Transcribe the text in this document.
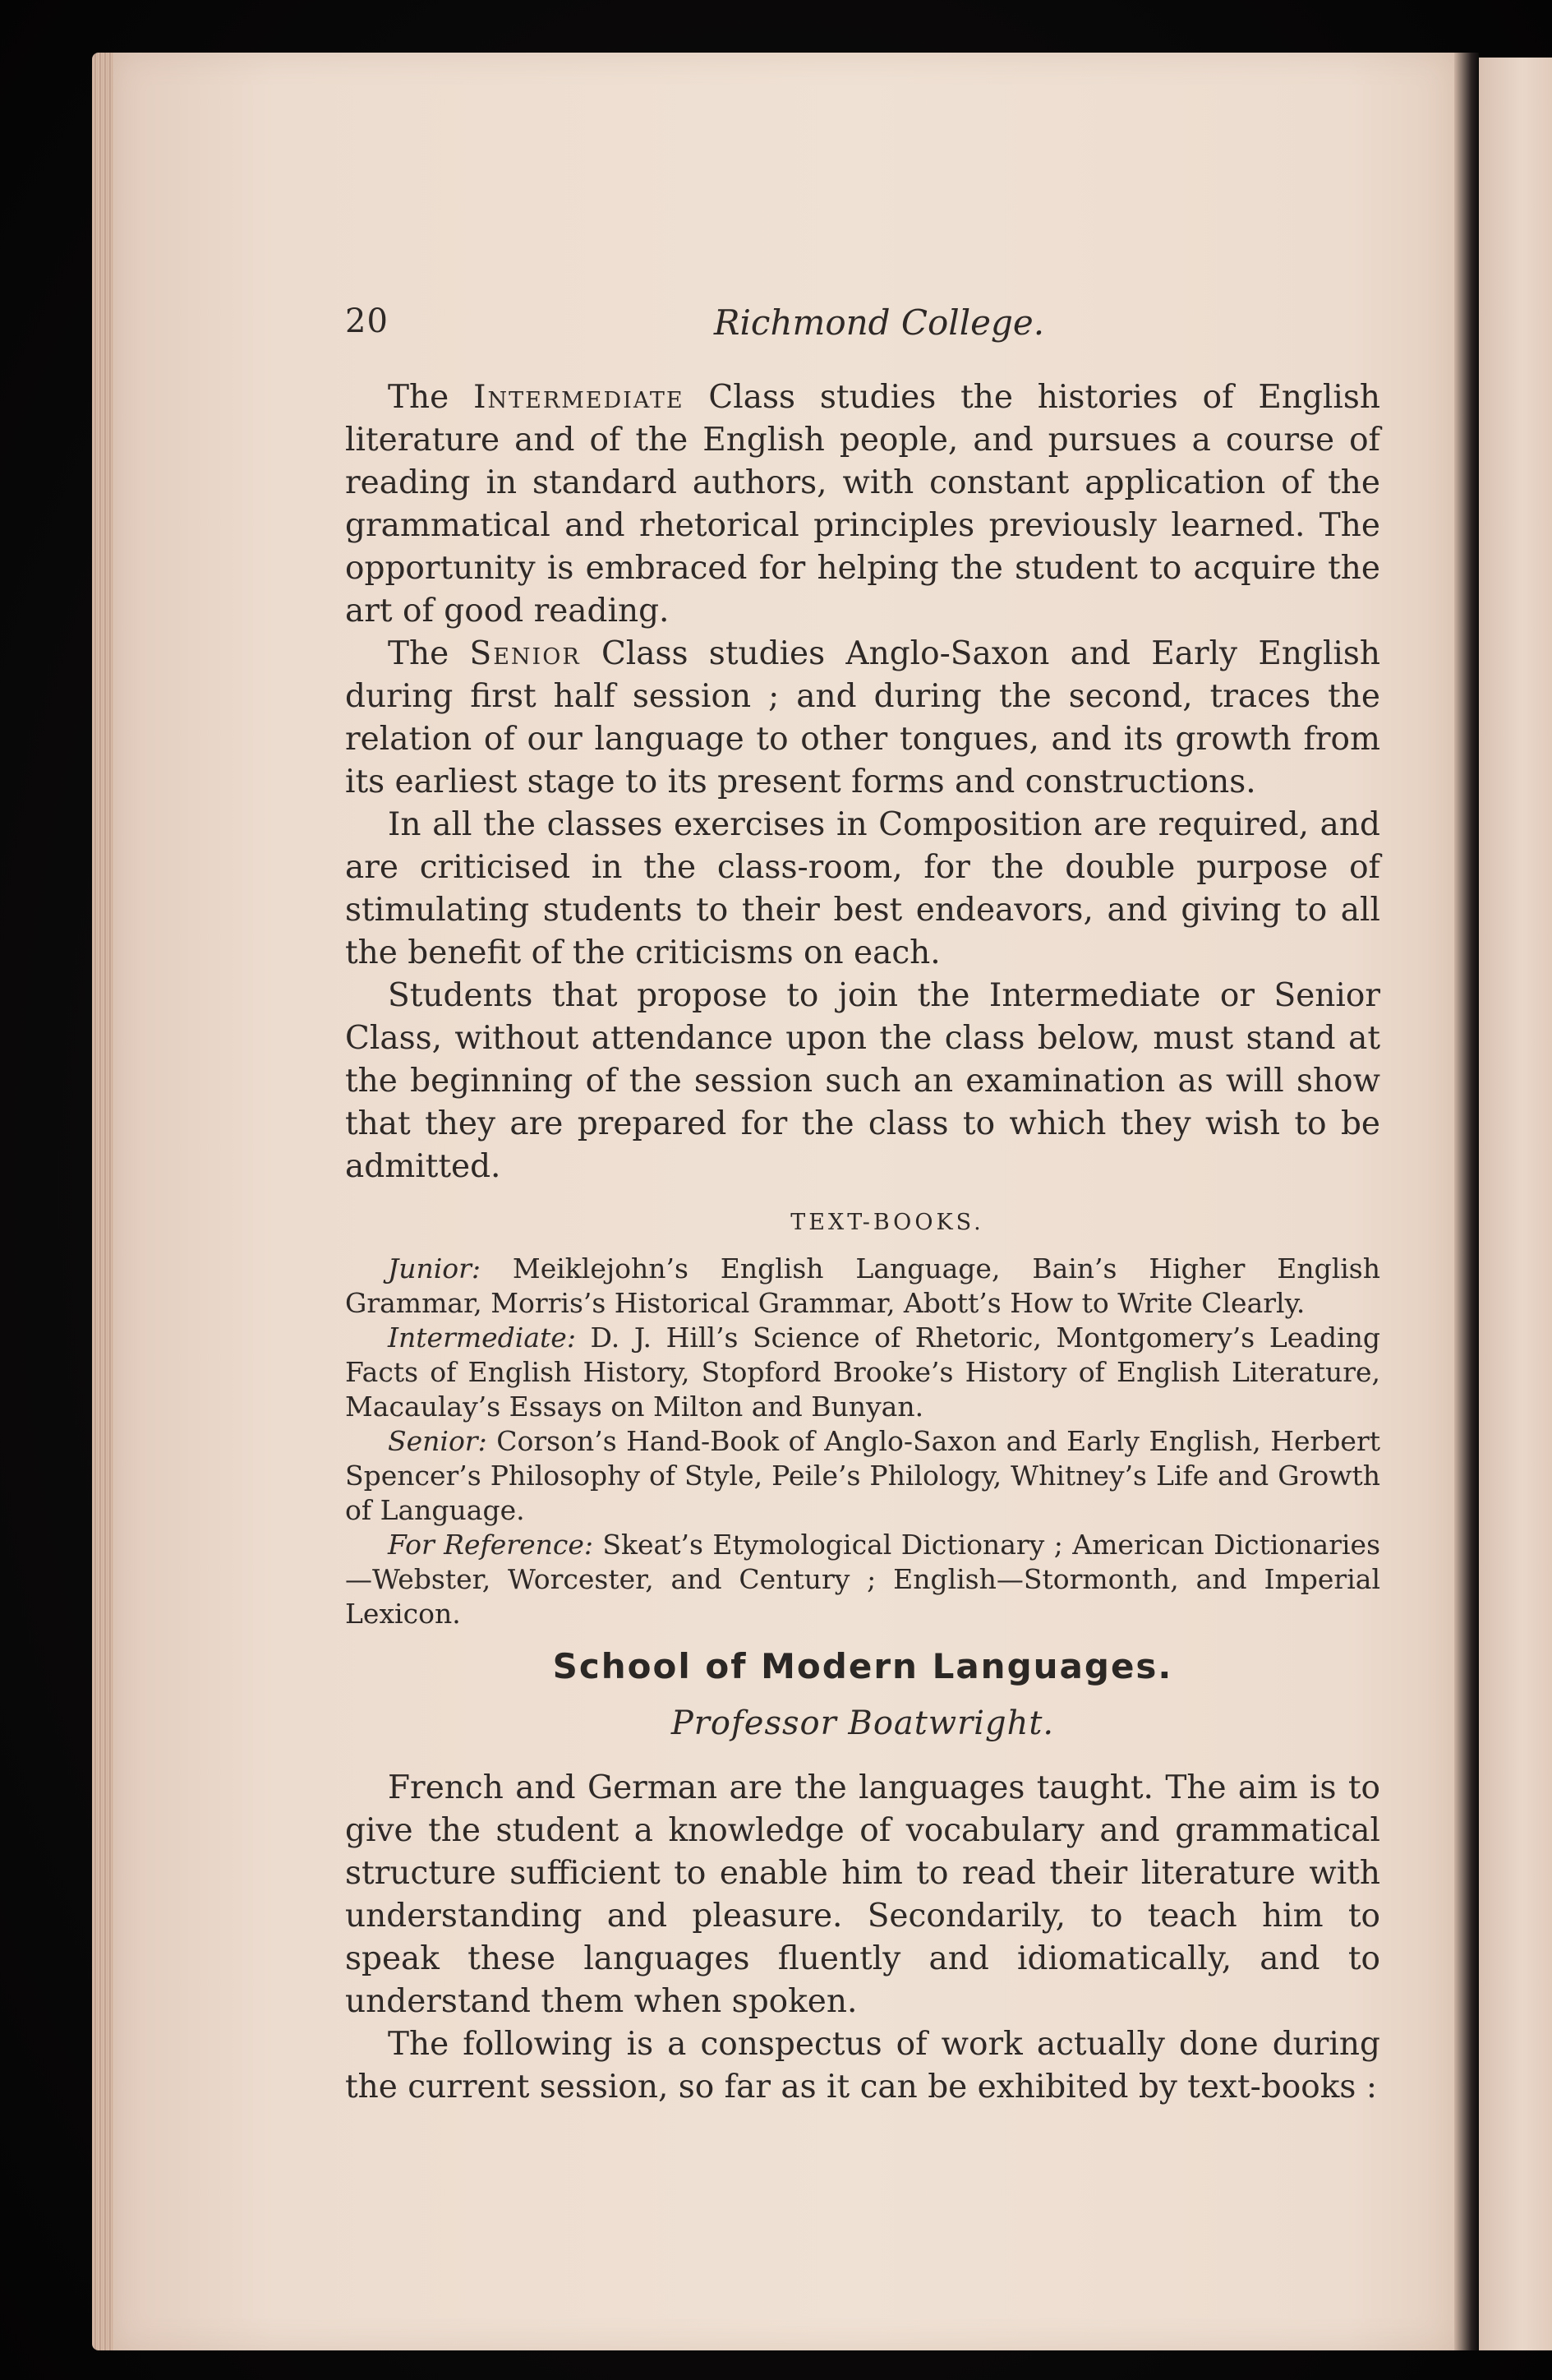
20	Richmond College.

The Intermediate Class studies the histories of English literature and of the English people, and pursues a course of reading in standard authors, with constant application of the grammatical and rhetorical principles previously learned. The opportunity is embraced for helping the student to acquire the art of good reading.

The Senior Class studies Anglo-Saxon and Early English during first half session ; and during the second, traces the relation of our language to other tongues, and its growth from its earliest stage to its present forms and constructions.

In all the classes exercises in Composition are required, and are criticised in the class-room, for the double purpose of stimulating students to their best endeavors, and giving to all the benefit of the criticisms on each.

Students that propose to join the Intermediate or Senior Class, without attendance upon the class below, must stand at the beginning of the session such an examination as will show that they are prepared for the class to which they wish to be admitted.

TEXT-BOOKS.

Junior: Meiklejohn’s English Language, Bain’s Higher English Grammar, Morris’s Historical Grammar, Abott’s How to Write Clearly.

Intermediate: D. J. Hill’s Science of Rhetoric, Montgomery’s Leading Facts of English History, Stopford Brooke’s History of English Literature, Macaulay’s Essays on Milton and Bunyan.

Senior: Corson’s Hand-Book of Anglo-Saxon and Early English, Herbert Spencer’s Philosophy of Style, Peile’s Philology, Whitney’s Life and Growth of Language.

For Reference: Skeat’s Etymological Dictionary ; American Dictionaries—Webster, Worcester, and Century ; English—Stormonth, and Imperial Lexicon.

School of Modern Languages.
Professor Boatwright.

French and German are the languages taught. The aim is to give the student a knowledge of vocabulary and grammatical structure sufficient to enable him to read their literature with understanding and pleasure. Secondarily, to teach him to speak these languages fluently and idiomatically, and to understand them when spoken.

The following is a conspectus of work actually done during the current session, so far as it can be exhibited by text-books :
